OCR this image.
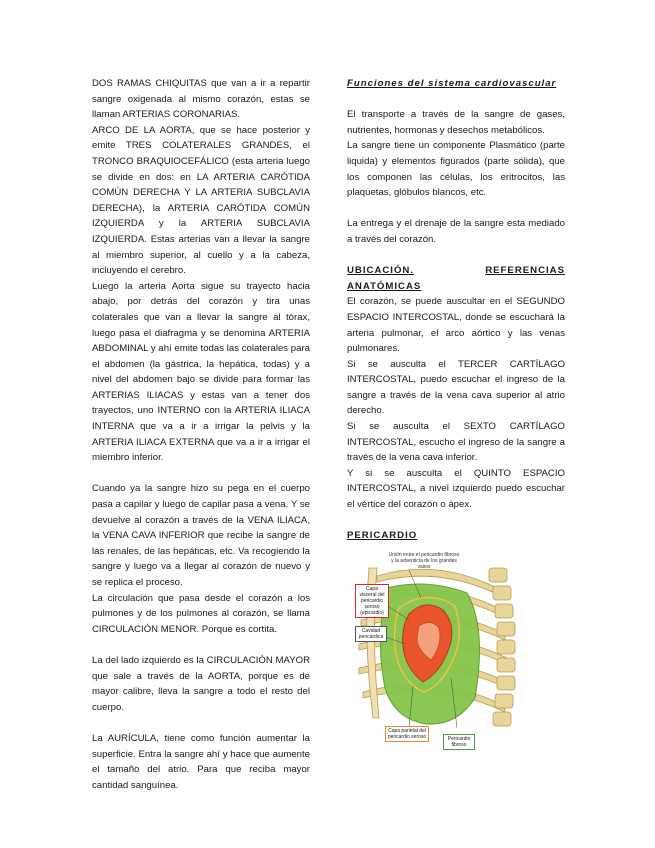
DOS RAMAS CHIQUITAS que van a ir a repartir sangre oxigenada al mismo corazón, estas se llaman ARTERIAS CORONARIAS.

ARCO DE LA AORTA, que se hace posterior y emite TRES COLATERALES GRANDES, el TRONCO BRAQUIOCEFÁLICO (esta arteria luego se divide en dos: en LA ARTERIA CARÓTIDA COMÚN DERECHA Y LA ARTERIA SUBCLAVIA DERECHA), la ARTERIA CARÓTIDA COMÚN IZQUIERDA y la ARTERIA SUBCLAVIA IZQUIERDA. Estas arterias van a llevar la sangre al miembro superior, al cuello y a la cabeza, incluyendo el cerebro.

Luego la arteria Aorta sigue su trayecto hacia abajo, por detrás del corazón y tira unas colaterales que van a llevar la sangre al tórax, luego pasa el diafragma y se denomina ARTERIA ABDOMINAL y ahí emite todas las colaterales para el abdomen (la gástrica, la hepática, todas) y a nivel del abdomen bajo se divide para formar las ARTERIAS ILIACAS y estas van a tener dos trayectos, uno INTERNO con la ARTERIA ILIACA INTERNA que va a ir a irrigar la pelvis y la ARTERIA ILIACA EXTERNA que va a ir a irrigar el miembro inferior.

Cuando ya la sangre hizo su pega en el cuerpo pasa a capilar y luego de capilar pasa a vena. Y se devuelve al corazón a través de la VENA ILIACA, la VENA CAVA INFERIOR que recibe la sangre de las renales, de las hepáticas, etc. Va recogiendo la sangre y luego va a llegar al corazón de nuevo y se replica el proceso.

La circulación que pasa desde el corazón a los pulmones y de los pulmones al corazón, se llama CIRCULACIÓN MENOR. Porque es cortita.

La del lado izquierdo es la CIRCULACIÓN MAYOR que sale a través de la AORTA, porque es de mayor calibre, lleva la sangre a todo el resto del cuerpo.

La AURÍCULA, tiene como función aumentar la superficie. Entra la sangre ahí y hace que aumente el tamaño del atrio. Para que reciba mayor cantidad sanguínea.

Funciones del sistema cardiovascular

El transporte a través de la sangre de gases, nutrientes, hormonas y desechos metabólicos.

La sangre tiene un componente Plasmático (parte liquida) y elementos figurados (parte sólida), que los componen las células, los eritrocitos, las plaquetas, glóbulos blancos, etc.

La entrega y el drenaje de la sangre esta mediado a través del corazón.

UBICACIÓN.	REFERENCIAS

ANATÓMICAS

El corazón, se puede auscultar en el SEGUNDO ESPACIO INTERCOSTAL, donde se escuchará la arteria pulmonar, el arco aórtico y las venas pulmonares.

Si se ausculta el TERCER CARTÍLAGO INTERCOSTAL, puedo escuchar el ingreso de la sangre a través de la vena cava superior al atrio derecho.

Si se ausculta el SEXTO CARTÍLAGO INTERCOSTAL, escucho el ingreso de la sangre a través de la vena cava inferior.

Y si se ausculta el QUINTO ESPACIO INTERCOSTAL, a nivel izquierdo puedo escuchar el vértice del corazón o ápex.

PERICARDIO

Unión entre el pericardio fibroso y la adventicia de los grandes vasos
Capa visceral del pericardio seroso (epicardio)
Cavidad pericárdica
Capa parietal del pericardio seroso	Pericardio fibroso
